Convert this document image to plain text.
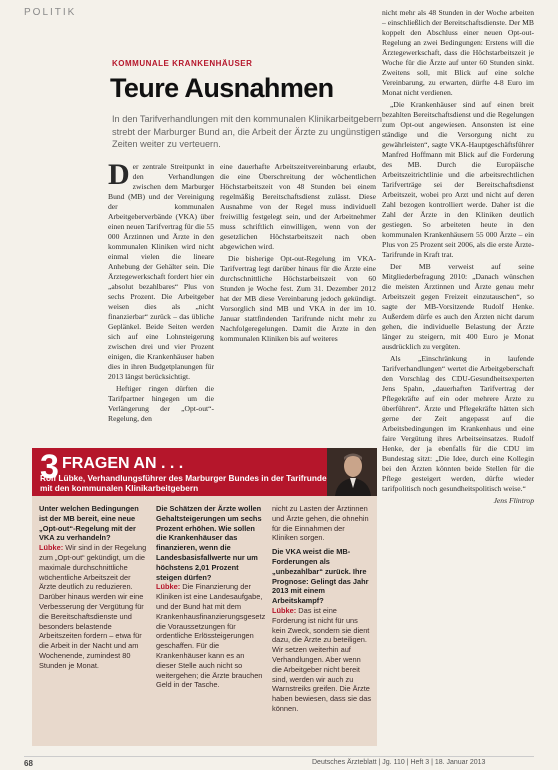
POLITIK
KOMMUNALE KRANKENHÄUSER
Teure Ausnahmen
In den Tarifverhandlungen mit den kommunalen Klinikarbeitgebern strebt der Marburger Bund an, die Arbeit der Ärzte zu ungünstigen Zeiten weiter zu verteuern.

Der zentrale Streitpunkt in den Verhandlungen zwischen dem Marburger Bund (MB) und der Vereinigung der kommunalen Arbeitgeberverbände (VKA) über einen neuen Tarifvertrag für die 55 000 Ärztinnen und Ärzte in den kommunalen Kliniken wird nicht einmal vielen die lineare Anhebung der Gehälter sein. Die Ärztegewerkschaft fordert hier ein „absolut bezahlbares“ Plus von sechs Prozent. Die Arbeitgeber weisen dies als „nicht finanzierbar“ zurück – das übliche Geplänkel. Beide Seiten werden sich auf eine Lohnsteigerung zwischen drei und vier Prozent einigen, die Krankenhäuser haben dies in ihren Budgetplanungen für 2013 längst berücksichtigt.

Heftiger ringen dürften die Tarifpartner hingegen um die Verlängerung der „Opt-out“-Regelung, den

eine dauerhafte Arbeitszeitvereinbarung erlaubt, die eine Überschreitung der wöchentlichen Höchstarbeitszeit von 48 Stunden bei einem regelmäßig Bereitschaftsdienst zulässt. Diese Ausnahme von der Regel muss individuell freiwillig festgelegt sein, und der Arbeitnehmer muss schriftlich einwilligen, wenn von der gesetzlichen Höchstarbeitszeit nach oben abgewichen wird.

Die bisherige Opt-out-Regelung im VKA-Tarifvertrag legt darüber hinaus für die Ärzte eine durchschnittliche Höchstarbeitszeit von 60 Stunden je Woche fest. Zum 31. Dezember 2012 hat der MB diese Vereinbarung jedoch gekündigt. Vorsorglich sind MB und VKA in der im 10. Januar stattfindenden Tarifrunde nicht mehr zu Nachfolgeregelungen. Damit die Ärzte in den kommunalen Kliniken bis auf weiteres

nicht mehr als 48 Stunden in der Woche arbeiten – einschließlich der Bereitschaftsdienste. Der MB koppelt den Abschluss einer neuen Opt-out-Regelung an zwei Bedingungen: Erstens will die Ärztegewerkschaft, dass die Höchstarbeitszeit je Woche für die Ärzte auf unter 60 Stunden sinkt. Zweitens soll, mit Blick auf eine solche Vereinbarung, zu erwarten, dürfte 4-8 Euro im Monat nicht verdienen.

„Die Krankenhäuser sind auf einen breit bezahlten Bereitschaftsdienst und die Regelungen zum Opt-out angewiesen. Ansonsten ist eine ständige und die Versorgung nicht zu gewährleisten“, sagte VKA-Hauptgeschäftsführer Manfred Hoffmann mit Blick auf die Forderung des MB. Durch die Europäische Arbeitszeitrichtlinie und die arbeitsrechtlichen Tarifverträge sei der Bereitschaftsdienst Arbeitszeit, wobei pro Arzt und nicht auf deren Zahl bezogen kontrolliert werde. Daher ist die Zahl der Ärzte in den Kliniken deutlich gestiegen. So arbeiteten heute in den kommunalen Krankenhäusern 55 000 Ärzte – ein Plus von 25 Prozent seit 2006, als die erste Ärzte-Tarifrunde in Kraft trat.

Der MB verweist auf seine Mitgliederbefragung 2010: „Danach wünschen die meisten Ärztinnen und Ärzte genau mehr Arbeitszeit gegen Freizeit einzutauschen“, so sagte der MB-Vorsitzende Rudolf Henke. Außerdem dürfe es auch den Ärzten nicht darum gehen, die individuelle Belastung der Ärzte länger zu steigern, mit 400 Euro je Monat ausdrücklich zu vergüten.

Als „Einschränkung in laufende Tarifverhandlungen“ wertet die Arbeitgeberschaft den Vorschlag des CDU-Gesundheitsexperten Jens Spahn, „dauerhaften Tarifvertrag der Pflegekräfte auf ein oder mehrere Ärzte zu überführen“. Ärzte und Pflegekräfte hätten sich gerne der Zeit angepasst auf die Arbeitsbedingungen im Krankenhaus und eine faire Vergütung ihres Arbeitseinsatzes. Rudolf Henke, der ja ebenfalls für die CDU im Bundestag sitzt: „Die Idee, durch eine Kollegin bei den Ärzten könnten beide Stellen für die Pflege gesteigert werden, dürfte wieder tarifpolitisch noch gesundheitspolitisch weise.“

Jens Flintrop
3 FRAGEN AN . . .
Rolf Lübke, Verhandlungsführer des Marburger Bundes in der Tarifrunde mit den kommunalen Klinikarbeitgebern

Unter welchen Bedingungen ist der MB bereit, eine neue „Opt-out“-Regelung mit der VKA zu verhandeln?

Lübke: Wir sind in der Regelung zum „Opt-out“ gekündigt, um die maximale durchschnittliche wöchentliche Arbeitszeit der Ärzte deutlich zu reduzieren. Darüber hinaus werden wir eine Verbesserung der Vergütung für die Bereitschaftsdienste und besonders belastende Arbeitszeiten fordern – etwa für die Arbeit in der Nacht und am Wochenende, zumindest 80 Stunden je Monat.

Die Schätzen der Ärzte wollen Gehaltsteigerungen um sechs Prozent erhöhen. Wie sollen die Krankenhäuser das finanzieren, wenn die Landesbasisfallwerte nur um höchstens 2,01 Prozent steigen dürfen?

Lübke: Die Finanzierung der Kliniken ist eine Landesaufgabe, und der Bund hat mit dem Krankenhausfinanzierungsgesetz die Voraussetzungen für ordentliche Erlössteigerungen geschaffen. Für die Krankenhäuser kann es an dieser Stelle auch nicht so weitergehen; die Ärzte brauchen Geld in der Tasche.

nicht zu Lasten der Ärztinnen und Ärzte gehen, die ohnehin für die Einnahmen der Kliniken sorgen.

Die VKA weist die MB-Forderungen als „unbezahlbar“ zurück. Ihre Prognose: Gelingt das Jahr 2013 mit einem Arbeitskampf?

Lübke: Das ist eine Forderung ist nicht für uns kein Zweck, sondern sie dient dazu, die Ärzte zu beteiligen. Wir setzen weiterhin auf Verhandlungen. Aber wenn die Arbeitgeber nicht bereit sind, werden wir auch zu Warnstreiks greifen. Die Ärzte haben bewiesen, dass sie das können.

68	Deutsches Ärzteblatt | Jg. 110 | Heft 3 | 18. Januar 2013
